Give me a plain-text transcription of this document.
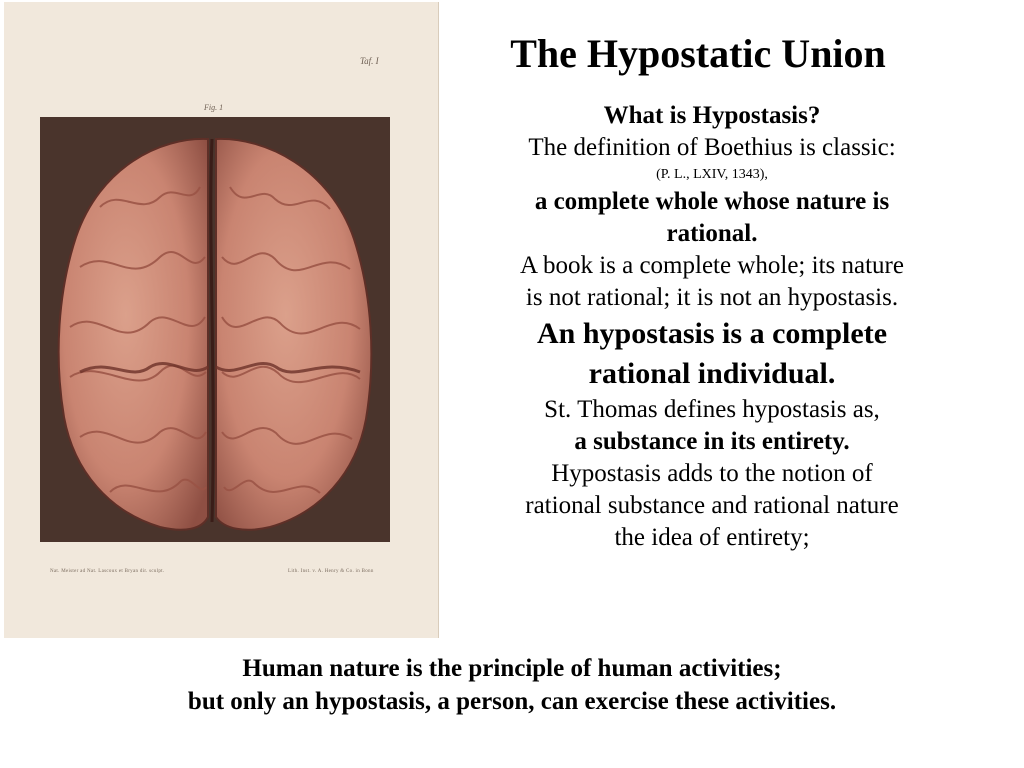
Taf. I
Fig. 1
Nat. Meister ad Nat. Lascoux et Bryan dir. sculpt.	Lith. Inst. v. A. Henry & Co. in Bonn
The Hypostatic Union
What is Hypostasis?
The definition of Boethius is classic:
(P. L., LXIV, 1343),
a complete whole whose nature is
rational.
A book is a complete whole; its nature
is not rational; it is not an hypostasis.
An hypostasis is a complete
rational individual.
St. Thomas defines hypostasis as,
a substance in its entirety.
Hypostasis adds to the notion of
rational substance and rational nature
the idea of entirety;
Human nature is the principle of human activities;
but only an hypostasis, a person, can exercise these activities.
